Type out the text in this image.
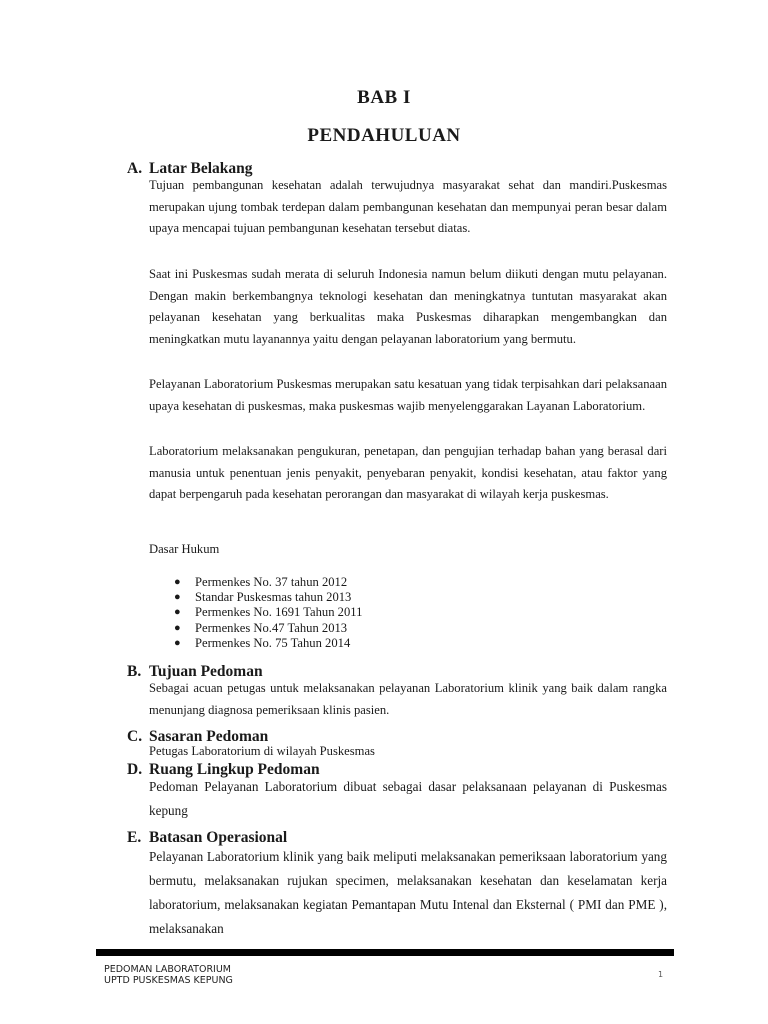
BAB I
PENDAHULUAN
A. Latar Belakang
Tujuan pembangunan kesehatan adalah terwujudnya masyarakat sehat dan mandiri.Puskesmas merupakan ujung tombak terdepan dalam pembangunan kesehatan dan mempunyai peran besar dalam upaya mencapai tujuan pembangunan kesehatan tersebut diatas.
Saat ini Puskesmas sudah merata di seluruh Indonesia namun belum diikuti dengan mutu pelayanan. Dengan makin berkembangnya teknologi kesehatan dan meningkatnya tuntutan masyarakat akan pelayanan kesehatan yang berkualitas maka Puskesmas diharapkan mengembangkan dan meningkatkan mutu layanannya yaitu dengan pelayanan laboratorium yang bermutu.
Pelayanan Laboratorium Puskesmas merupakan satu kesatuan yang tidak terpisahkan dari pelaksanaan upaya kesehatan di puskesmas, maka puskesmas wajib menyelenggarakan Layanan Laboratorium.
Laboratorium melaksanakan pengukuran, penetapan, dan pengujian terhadap bahan yang berasal dari manusia untuk penentuan jenis penyakit, penyebaran penyakit, kondisi kesehatan, atau faktor yang dapat berpengaruh pada kesehatan perorangan dan masyarakat di wilayah kerja puskesmas.
Dasar Hukum
● Permenkes No. 37 tahun 2012
● Standar Puskesmas tahun 2013
● Permenkes No. 1691 Tahun 2011
● Permenkes No.47 Tahun 2013
● Permenkes No. 75 Tahun 2014
B. Tujuan Pedoman
Sebagai acuan petugas untuk melaksanakan pelayanan Laboratorium klinik yang baik dalam rangka menunjang diagnosa pemeriksaan klinis pasien.
C. Sasaran Pedoman
Petugas Laboratorium di wilayah Puskesmas
D. Ruang Lingkup Pedoman
Pedoman Pelayanan Laboratorium dibuat sebagai dasar pelaksanaan pelayanan di Puskesmas kepung
E. Batasan Operasional
Pelayanan Laboratorium klinik yang baik meliputi melaksanakan pemeriksaan laboratorium yang bermutu, melaksanakan rujukan specimen, melaksanakan kesehatan dan keselamatan kerja laboratorium, melaksanakan kegiatan Pemantapan Mutu Intenal dan Eksternal ( PMI dan PME ), melaksanakan
PEDOMAN LABORATORIUM
UPTD PUSKESMAS KEPUNG
1
